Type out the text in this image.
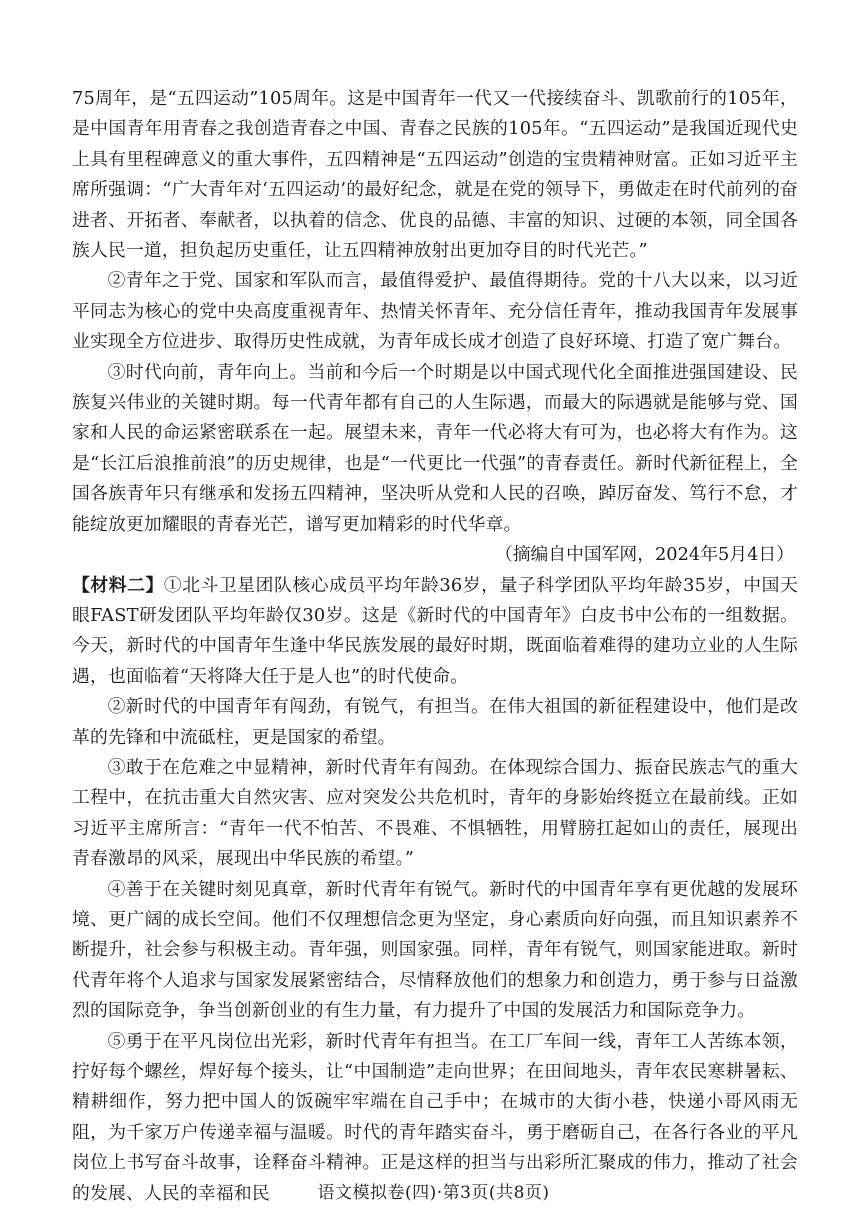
75周年，是“五四运动”105周年。这是中国青年一代又一代接续奋斗、凯歌前行的105年，是中国青年用青春之我创造青春之中国、青春之民族的105年。“五四运动”是我国近现代史上具有里程碑意义的重大事件，五四精神是“五四运动”创造的宝贵精神财富。正如习近平主席所强调：“广大青年对‘五四运动’的最好纪念，就是在党的领导下，勇做走在时代前列的奋进者、开拓者、奉献者，以执着的信念、优良的品德、丰富的知识、过硬的本领，同全国各族人民一道，担负起历史重任，让五四精神放射出更加夺目的时代光芒。”

②青年之于党、国家和军队而言，最值得爱护、最值得期待。党的十八大以来，以习近平同志为核心的党中央高度重视青年、热情关怀青年、充分信任青年，推动我国青年发展事业实现全方位进步、取得历史性成就，为青年成长成才创造了良好环境、打造了宽广舞台。

③时代向前，青年向上。当前和今后一个时期是以中国式现代化全面推进强国建设、民族复兴伟业的关键时期。每一代青年都有自己的人生际遇，而最大的际遇就是能够与党、国家和人民的命运紧密联系在一起。展望未来，青年一代必将大有可为，也必将大有作为。这是“长江后浪推前浪”的历史规律，也是“一代更比一代强”的青春责任。新时代新征程上，全国各族青年只有继承和发扬五四精神，坚决听从党和人民的召唤，踔厉奋发、笃行不怠，才能绽放更加耀眼的青春光芒，谱写更加精彩的时代华章。

（摘编自中国军网，2024年5月4日）

【材料二】①北斗卫星团队核心成员平均年龄36岁，量子科学团队平均年龄35岁，中国天眼FAST研发团队平均年龄仅30岁。这是《新时代的中国青年》白皮书中公布的一组数据。今天，新时代的中国青年生逢中华民族发展的最好时期，既面临着难得的建功立业的人生际遇，也面临着“天将降大任于是人也”的时代使命。

②新时代的中国青年有闯劲，有锐气，有担当。在伟大祖国的新征程建设中，他们是改革的先锋和中流砥柱，更是国家的希望。

③敢于在危难之中显精神，新时代青年有闯劲。在体现综合国力、振奋民族志气的重大工程中，在抗击重大自然灾害、应对突发公共危机时，青年的身影始终挺立在最前线。正如习近平主席所言：“青年一代不怕苦、不畏难、不惧牺牲，用臂膀扛起如山的责任，展现出青春激昂的风采，展现出中华民族的希望。”

④善于在关键时刻见真章，新时代青年有锐气。新时代的中国青年享有更优越的发展环境、更广阔的成长空间。他们不仅理想信念更为坚定，身心素质向好向强，而且知识素养不断提升，社会参与积极主动。青年强，则国家强。同样，青年有锐气，则国家能进取。新时代青年将个人追求与国家发展紧密结合，尽情释放他们的想象力和创造力，勇于参与日益激烈的国际竞争，争当创新创业的有生力量，有力提升了中国的发展活力和国际竞争力。

⑤勇于在平凡岗位出光彩，新时代青年有担当。在工厂车间一线，青年工人苦练本领，拧好每个螺丝，焊好每个接头，让“中国制造”走向世界；在田间地头，青年农民寒耕暑耘、精耕细作，努力把中国人的饭碗牢牢端在自己手中；在城市的大街小巷，快递小哥风雨无阻，为千家万户传递幸福与温暖。时代的青年踏实奋斗，勇于磨砺自己，在各行各业的平凡岗位上书写奋斗故事，诠释奋斗精神。正是这样的担当与出彩所汇聚成的伟力，推动了社会的发展、人民的幸福和民	语文模拟卷(四)·第3页(共8页)
